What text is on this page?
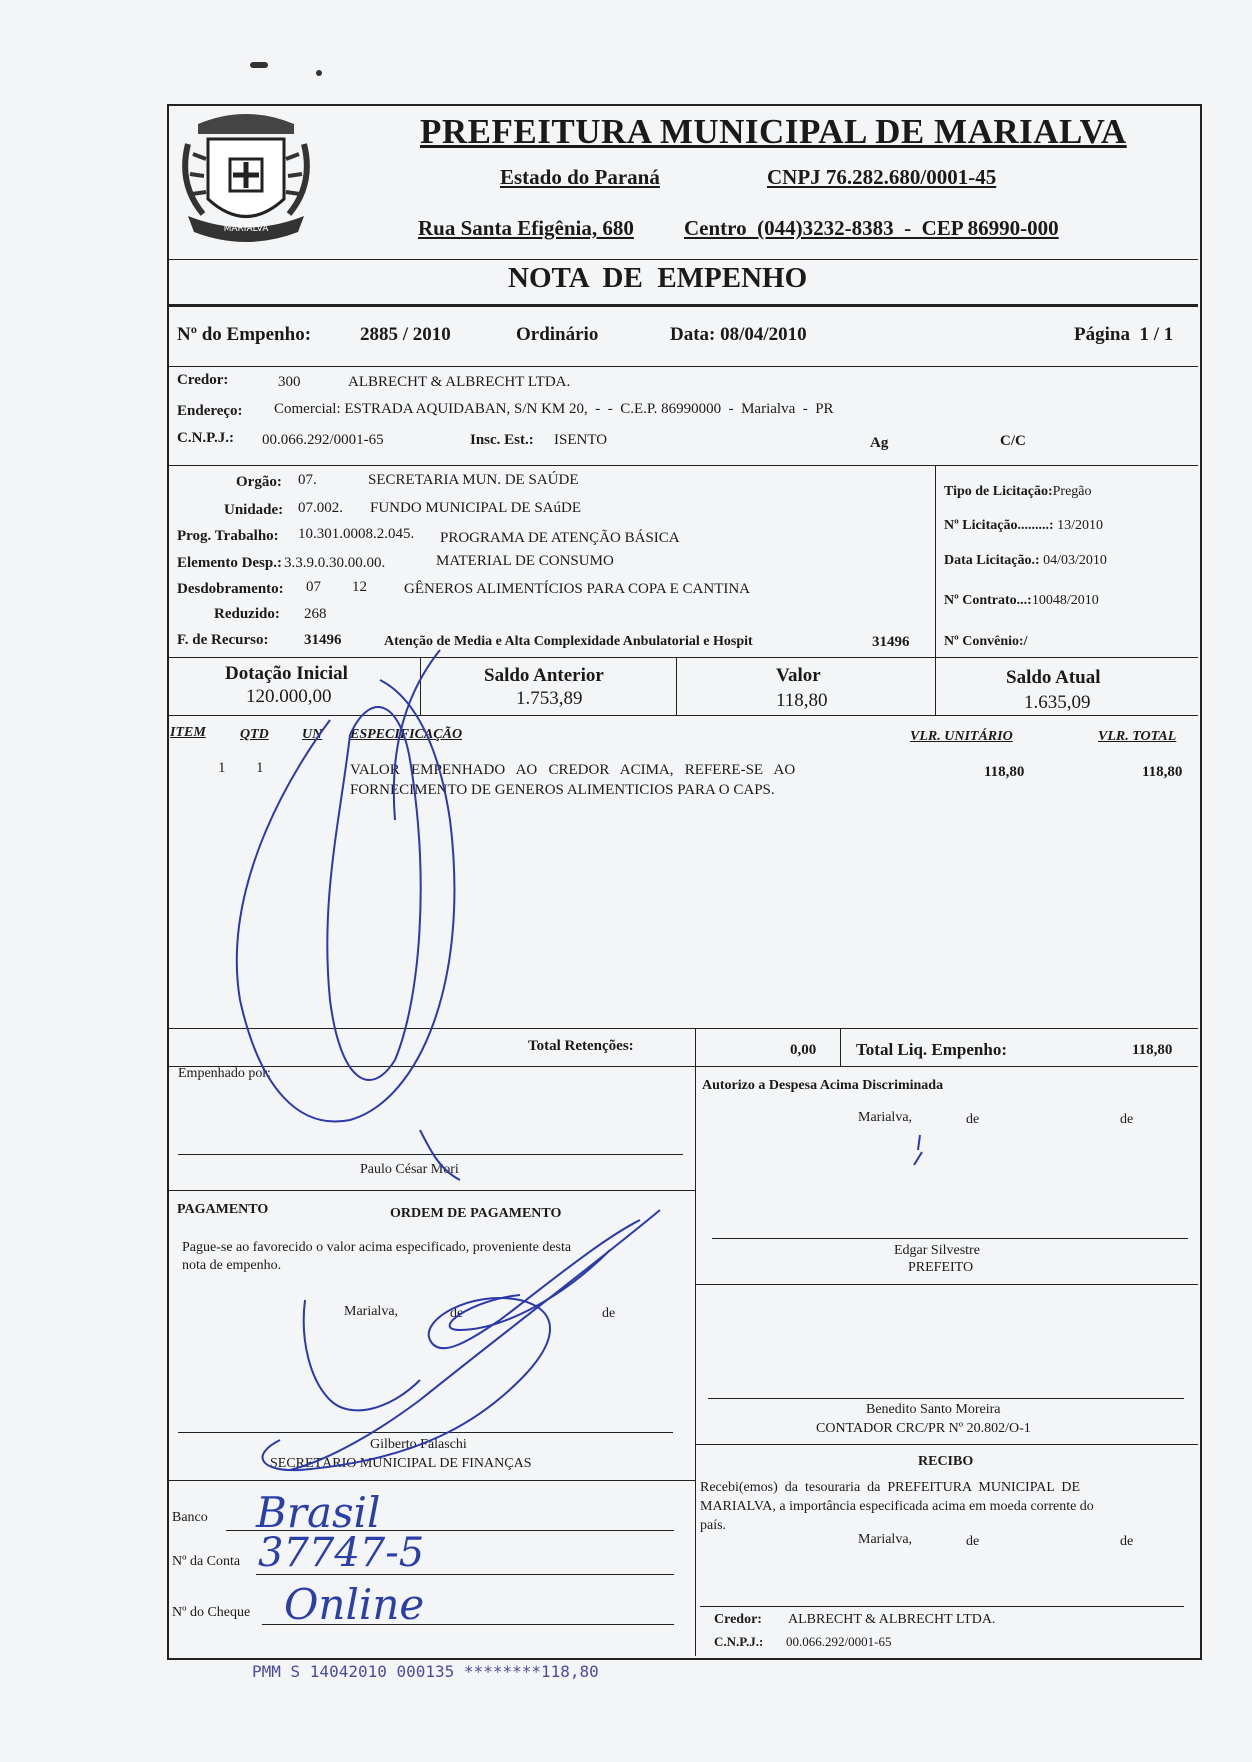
MARIALVA
PREFEITURA MUNICIPAL DE MARIALVA
Estado do Paraná	CNPJ 76.282.680/0001-45
Rua Santa Efigênia, 680 Centro  (044)3232-8383  -  CEP 86990-000
NOTA  DE  EMPENHO
Nº do Empenho:	2885 / 2010	Ordinário	Data: 08/04/2010	Página  1 / 1
Credor:	300	ALBRECHT & ALBRECHT LTDA.
Endereço: Comercial: ESTRADA AQUIDABAN, S/N KM 20,  -  -  C.E.P. 86990000  -  Marialva  -  PR
C.N.P.J.: 00.066.292/0001-65	Insc. Est.: ISENTO	Ag	C/C
Orgão: 07.	SECRETARIA MUN. DE SAÚDE
Unidade: 07.002. FUNDO MUNICIPAL DE SAúDE
Prog. Trabalho: 10.301.0008.2.045. PROGRAMA DE ATENÇÃO BÁSICA
Elemento Desp.: 3.3.9.0.30.00.00.	MATERIAL DE CONSUMO
Desdobramento: 07 12 GÊNEROS ALIMENTÍCIOS PARA COPA E CANTINA
Reduzido: 268
F. de Recurso: 31496	Atenção de Media e Alta Complexidade Anbulatorial e Hospit	31496
Tipo de Licitação:Pregão
Nº Licitação.........: 13/2010
Data Licitação.: 04/03/2010
Nº Contrato...:10048/2010
Nº Convênio:/
Dotação Inicial
120.000,00
Saldo Anterior
1.753,89
Valor
118,80
Saldo Atual
1.635,09
ITEM QTD UN ESPECIFICAÇÃO	VLR. UNITÁRIO	VLR. TOTAL
1 1	VALOR   EMPENHADO   AO   CREDOR   ACIMA,   REFERE-SE   AO
FORNECIMENTO DE GENEROS ALIMENTICIOS PARA O CAPS.
118,80	118,80
Total Retenções:	0,00 Total Liq. Empenho:	118,80
Empenhado por:
Paulo César Mori
Autorizo a Despesa Acima Discriminada
Marialva,	de	de
Edgar Silvestre
PREFEITO
PAGAMENTO	ORDEM DE PAGAMENTO
Pague-se ao favorecido o valor acima especificado, proveniente desta
nota de empenho.
Marialva,	de	de
Gilberto Falaschi
SECRETÁRIO MUNICIPAL DE FINANÇAS
Benedito Santo Moreira
CONTADOR CRC/PR Nº 20.802/O-1
RECIBO
Recebi(emos)  da  tesouraria  da  PREFEITURA  MUNICIPAL  DE
MARIALVA, a importância especificada acima em moeda corrente do
país.
Marialva,	de	de
Credor: ALBRECHT & ALBRECHT LTDA.
C.N.P.J.: 00.066.292/0001-65
Banco Brasil
Nº da Conta 37747-5
Nº do Cheque Online
PMM S 14042010 000135 ********118,80
